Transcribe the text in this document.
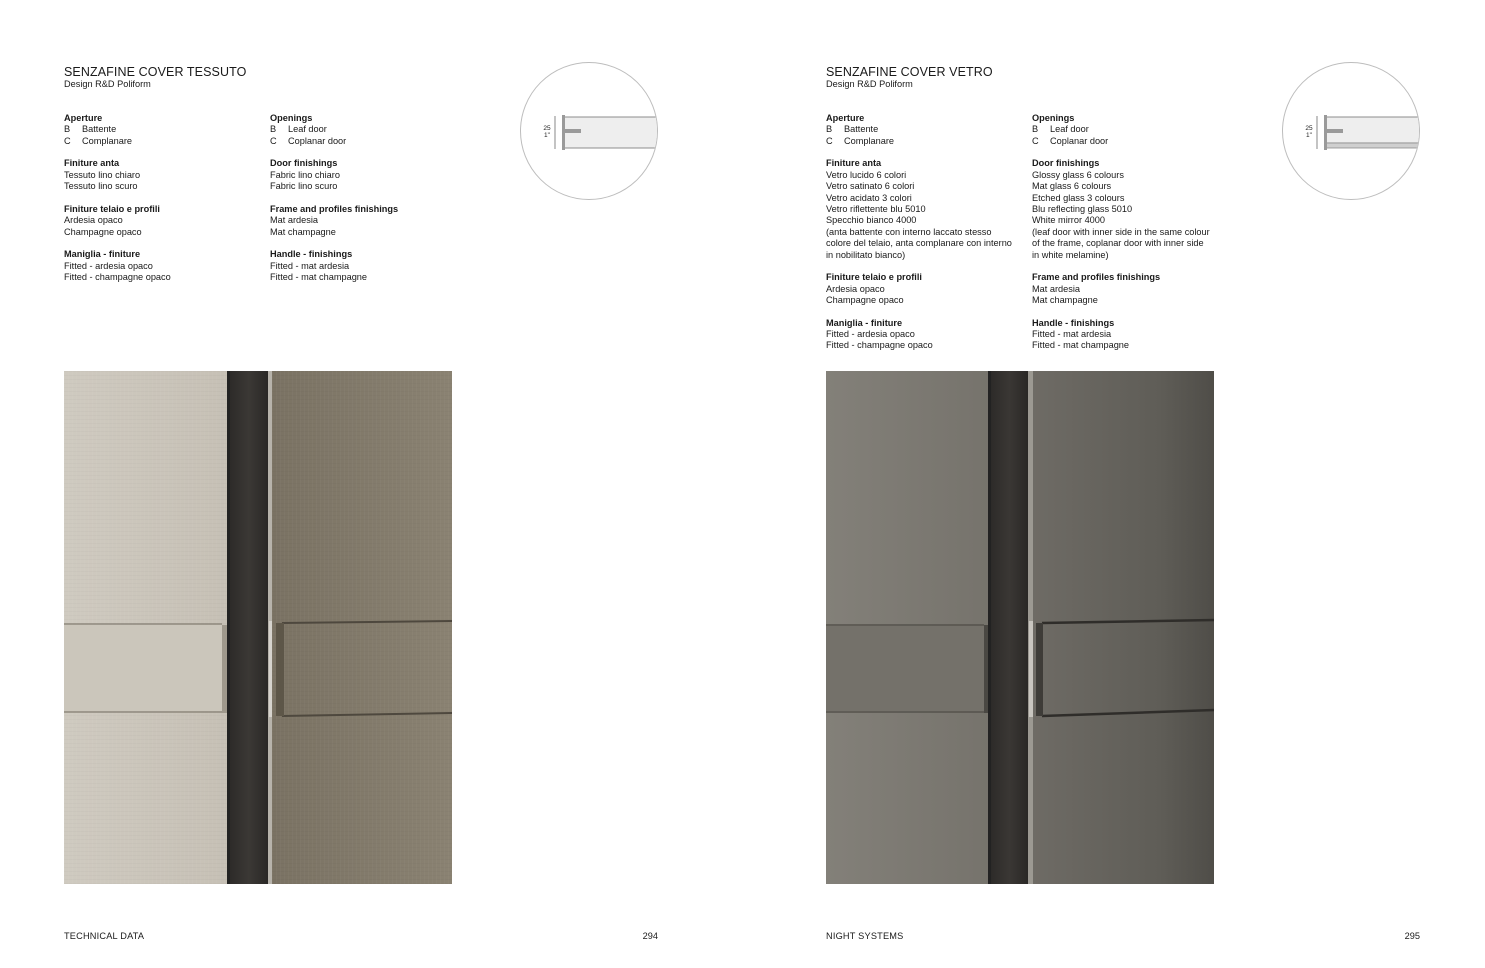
SENZAFINE COVER TESSUTO
Design R&D Poliform
Aperture
B	Battente
C	Complanare
Finiture anta
Tessuto lino chiaro
Tessuto lino scuro
Finiture telaio e profili
Ardesia opaco
Champagne opaco
Maniglia - finiture
Fitted - ardesia opaco
Fitted - champagne opaco
Openings
B	Leaf door
C	Coplanar door
Door finishings
Fabric lino chiaro
Fabric lino scuro
Frame and profiles finishings
Mat ardesia
Mat champagne
Handle - finishings
Fitted - mat ardesia
Fitted - mat champagne
25
1"
TECHNICAL DATA	294
SENZAFINE COVER VETRO
Design R&D Poliform
Aperture
B	Battente
C	Complanare
Finiture anta
Vetro lucido 6 colori
Vetro satinato 6 colori
Vetro acidato 3 colori
Vetro riflettente blu 5010
Specchio bianco 4000
(anta battente con interno laccato stesso
colore del telaio, anta complanare con interno
in nobilitato bianco)
Finiture telaio e profili
Ardesia opaco
Champagne opaco
Maniglia - finiture
Fitted - ardesia opaco
Fitted - champagne opaco
Openings
B	Leaf door
C	Coplanar door
Door finishings
Glossy glass 6 colours
Mat glass 6 colours
Etched glass 3 colours
Blu reflecting glass 5010
White mirror 4000
(leaf door with inner side in the same colour
of the frame, coplanar door with inner side
in white melamine)
Frame and profiles finishings
Mat ardesia
Mat champagne
Handle - finishings
Fitted - mat ardesia
Fitted - mat champagne
25
1"
NIGHT SYSTEMS	295
